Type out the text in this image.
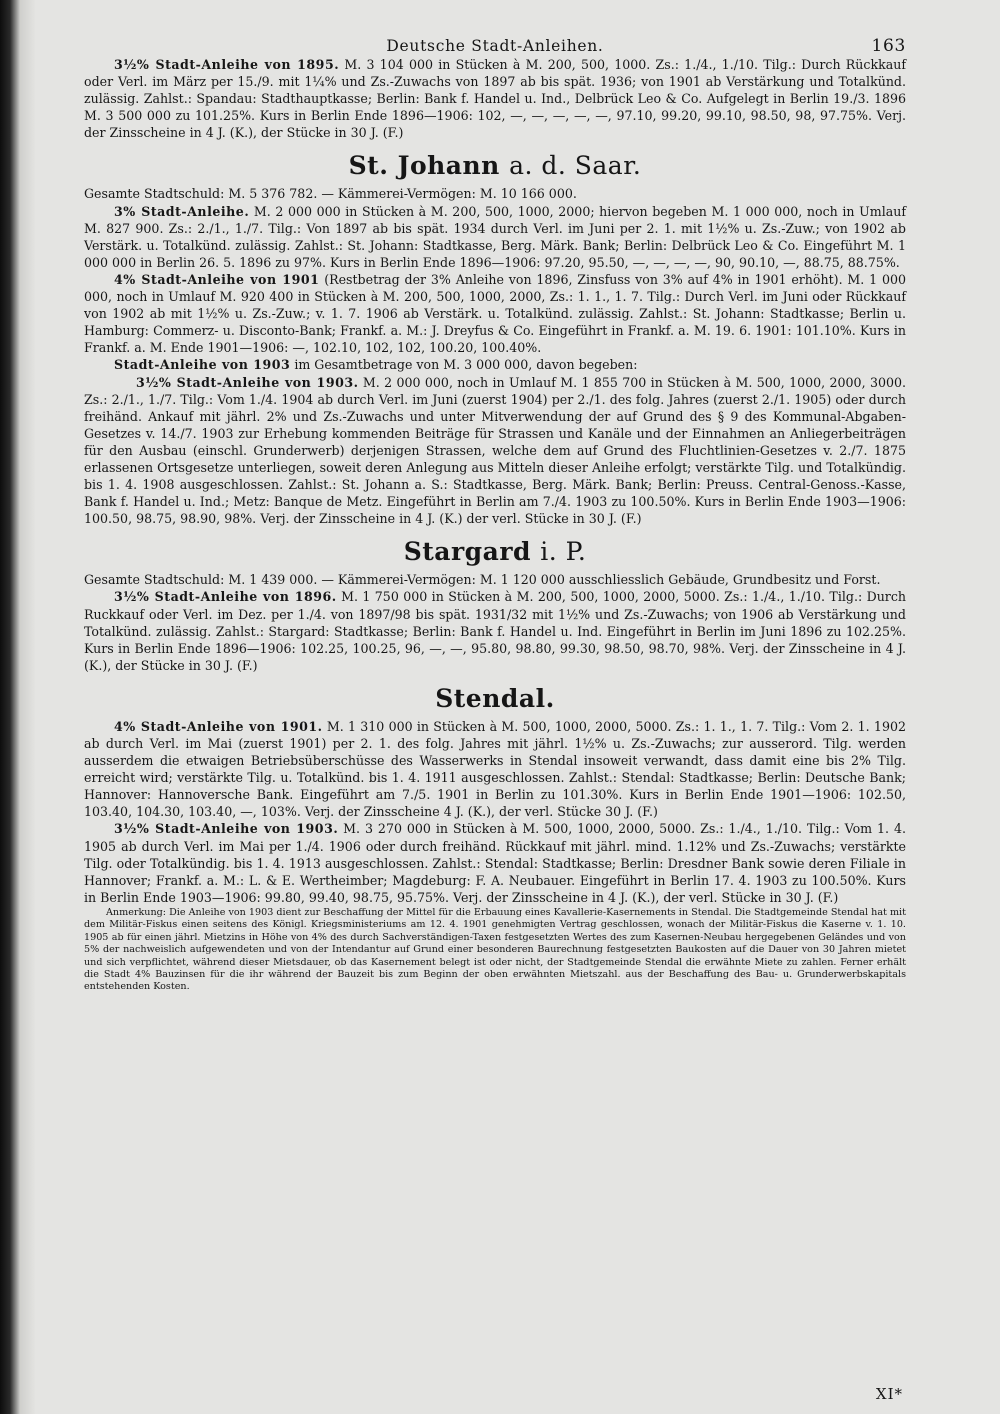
Deutsche Stadt-Anleihen.	163

3½% Stadt-Anleihe von 1895. M. 3 104 000 in Stücken à M. 200, 500, 1000. Zs.: 1./4., 1./10. Tilg.: Durch Rückkauf oder Verl. im März per 15./9. mit 1¼% und Zs.-Zuwachs von 1897 ab bis spät. 1936; von 1901 ab Verstärkung und Totalkünd. zulässig. Zahlst.: Spandau: Stadthauptkasse; Berlin: Bank f. Handel u. Ind., Delbrück Leo & Co. Aufgelegt in Berlin 19./3. 1896 M. 3 500 000 zu 101.25%. Kurs in Berlin Ende 1896—1906: 102, —, —, —, —, —, 97.10, 99.20, 99.10, 98.50, 98, 97.75%. Verj. der Zinsscheine in 4 J. (K.), der Stücke in 30 J. (F.)

St. Johann a. d. Saar.

Gesamte Stadtschuld: M. 5 376 782. — Kämmerei-Vermögen: M. 10 166 000.

3% Stadt-Anleihe. M. 2 000 000 in Stücken à M. 200, 500, 1000, 2000; hiervon begeben M. 1 000 000, noch in Umlauf M. 827 900. Zs.: 2./1., 1./7. Tilg.: Von 1897 ab bis spät. 1934 durch Verl. im Juni per 2. 1. mit 1½% u. Zs.-Zuw.; von 1902 ab Verstärk. u. Totalkünd. zulässig. Zahlst.: St. Johann: Stadtkasse, Berg. Märk. Bank; Berlin: Delbrück Leo & Co. Eingeführt M. 1 000 000 in Berlin 26. 5. 1896 zu 97%. Kurs in Berlin Ende 1896—1906: 97.20, 95.50, —, —, —, —, 90, 90.10, —, 88.75, 88.75%.

4% Stadt-Anleihe von 1901 (Restbetrag der 3% Anleihe von 1896, Zinsfuss von 3% auf 4% in 1901 erhöht). M. 1 000 000, noch in Umlauf M. 920 400 in Stücken à M. 200, 500, 1000, 2000, Zs.: 1. 1., 1. 7. Tilg.: Durch Verl. im Juni oder Rückkauf von 1902 ab mit 1½% u. Zs.-Zuw.; v. 1. 7. 1906 ab Verstärk. u. Totalkünd. zulässig. Zahlst.: St. Johann: Stadtkasse; Berlin u. Hamburg: Commerz- u. Disconto-Bank; Frankf. a. M.: J. Dreyfus & Co. Eingeführt in Frankf. a. M. 19. 6. 1901: 101.10%. Kurs in Frankf. a. M. Ende 1901—1906: —, 102.10, 102, 102, 100.20, 100.40%.

Stadt-Anleihe von 1903 im Gesamtbetrage von M. 3 000 000, davon begeben:

3½% Stadt-Anleihe von 1903. M. 2 000 000, noch in Umlauf M. 1 855 700 in Stücken à M. 500, 1000, 2000, 3000. Zs.: 2./1., 1./7. Tilg.: Vom 1./4. 1904 ab durch Verl. im Juni (zuerst 1904) per 2./1. des folg. Jahres (zuerst 2./1. 1905) oder durch freihänd. Ankauf mit jährl. 2% und Zs.-Zuwachs und unter Mitverwendung der auf Grund des § 9 des Kommunal-Abgaben-Gesetzes v. 14./7. 1903 zur Erhebung kommenden Beiträge für Strassen und Kanäle und der Einnahmen an Anliegerbeiträgen für den Ausbau (einschl. Grunderwerb) derjenigen Strassen, welche dem auf Grund des Fluchtlinien-Gesetzes v. 2./7. 1875 erlassenen Ortsgesetze unterliegen, soweit deren Anlegung aus Mitteln dieser Anleihe erfolgt; verstärkte Tilg. und Totalkündig. bis 1. 4. 1908 ausgeschlossen. Zahlst.: St. Johann a. S.: Stadtkasse, Berg. Märk. Bank; Berlin: Preuss. Central-Genoss.-Kasse, Bank f. Handel u. Ind.; Metz: Banque de Metz. Eingeführt in Berlin am 7./4. 1903 zu 100.50%. Kurs in Berlin Ende 1903—1906: 100.50, 98.75, 98.90, 98%. Verj. der Zinsscheine in 4 J. (K.) der verl. Stücke in 30 J. (F.)

Stargard i. P.

Gesamte Stadtschuld: M. 1 439 000. — Kämmerei-Vermögen: M. 1 120 000 ausschliesslich Gebäude, Grundbesitz und Forst.

3½% Stadt-Anleihe von 1896. M. 1 750 000 in Stücken à M. 200, 500, 1000, 2000, 5000. Zs.: 1./4., 1./10. Tilg.: Durch Ruckkauf oder Verl. im Dez. per 1./4. von 1897/98 bis spät. 1931/32 mit 1½% und Zs.-Zuwachs; von 1906 ab Verstärkung und Totalkünd. zulässig. Zahlst.: Stargard: Stadtkasse; Berlin: Bank f. Handel u. Ind. Eingeführt in Berlin im Juni 1896 zu 102.25%. Kurs in Berlin Ende 1896—1906: 102.25, 100.25, 96, —, —, 95.80, 98.80, 99.30, 98.50, 98.70, 98%. Verj. der Zinsscheine in 4 J. (K.), der Stücke in 30 J. (F.)

Stendal.

4% Stadt-Anleihe von 1901. M. 1 310 000 in Stücken à M. 500, 1000, 2000, 5000. Zs.: 1. 1., 1. 7. Tilg.: Vom 2. 1. 1902 ab durch Verl. im Mai (zuerst 1901) per 2. 1. des folg. Jahres mit jährl. 1½% u. Zs.-Zuwachs; zur ausserord. Tilg. werden ausserdem die etwaigen Betriebsüberschüsse des Wasserwerks in Stendal insoweit verwandt, dass damit eine bis 2% Tilg. erreicht wird; verstärkte Tilg. u. Totalkünd. bis 1. 4. 1911 ausgeschlossen. Zahlst.: Stendal: Stadtkasse; Berlin: Deutsche Bank; Hannover: Hannoversche Bank. Eingeführt am 7./5. 1901 in Berlin zu 101.30%. Kurs in Berlin Ende 1901—1906: 102.50, 103.40, 104.30, 103.40, —, 103%. Verj. der Zinsscheine 4 J. (K.), der verl. Stücke 30 J. (F.)

3½% Stadt-Anleihe von 1903. M. 3 270 000 in Stücken à M. 500, 1000, 2000, 5000. Zs.: 1./4., 1./10. Tilg.: Vom 1. 4. 1905 ab durch Verl. im Mai per 1./4. 1906 oder durch freihänd. Rückkauf mit jährl. mind. 1.12% und Zs.-Zuwachs; verstärkte Tilg. oder Totalkündig. bis 1. 4. 1913 ausgeschlossen. Zahlst.: Stendal: Stadtkasse; Berlin: Dresdner Bank sowie deren Filiale in Hannover; Frankf. a. M.: L. & E. Wertheimber; Magdeburg: F. A. Neubauer. Eingeführt in Berlin 17. 4. 1903 zu 100.50%. Kurs in Berlin Ende 1903—1906: 99.80, 99.40, 98.75, 95.75%. Verj. der Zinsscheine in 4 J. (K.), der verl. Stücke in 30 J. (F.)

Anmerkung: Die Anleihe von 1903 dient zur Beschaffung der Mittel für die Erbauung eines Kavallerie-Kasernements in Stendal. Die Stadtgemeinde Stendal hat mit dem Militär-Fiskus einen seitens des Königl. Kriegsministeriums am 12. 4. 1901 genehmigten Vertrag geschlossen, wonach der Militär-Fiskus die Kaserne v. 1. 10. 1905 ab für einen jährl. Mietzins in Höhe von 4% des durch Sachverständigen-Taxen festgesetzten Wertes des zum Kasernen-Neubau hergegebenen Geländes und von 5% der nachweislich aufgewendeten und von der Intendantur auf Grund einer besonderen Baurechnung festgesetzten Baukosten auf die Dauer von 30 Jahren mietet und sich verpflichtet, während dieser Mietsdauer, ob das Kasernement belegt ist oder nicht, der Stadtgemeinde Stendal die erwähnte Miete zu zahlen. Ferner erhält die Stadt 4% Bauzinsen für die ihr während der Bauzeit bis zum Beginn der oben erwähnten Mietszahl. aus der Beschaffung des Bau- u. Grunderwerbskapitals entstehenden Kosten.

XI*
